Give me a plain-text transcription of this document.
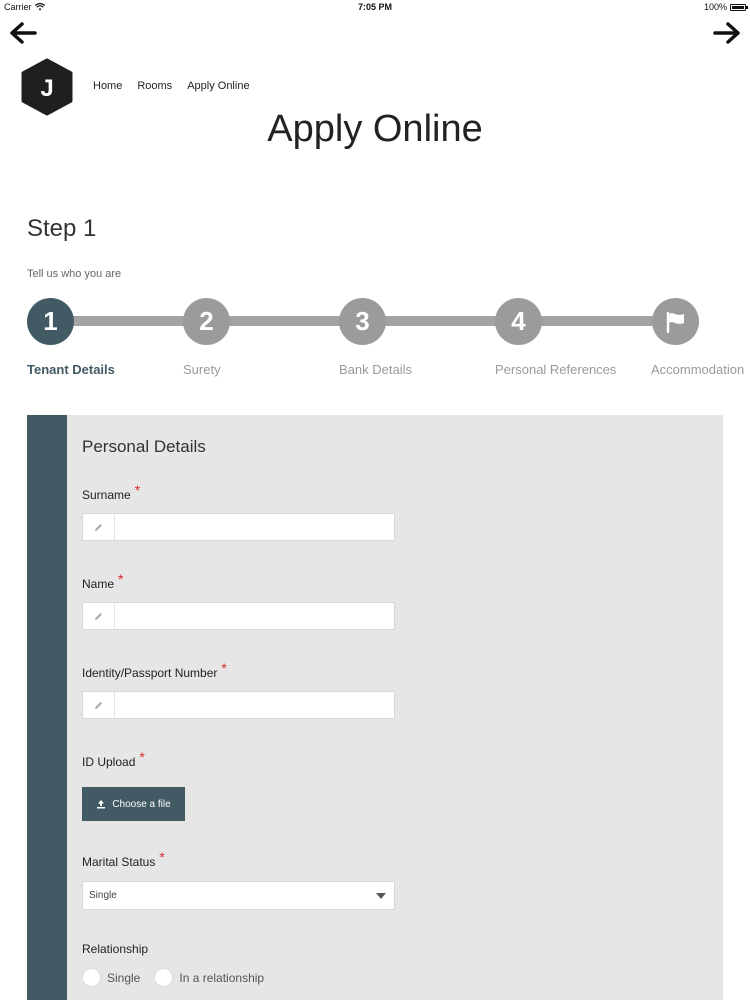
Carrier	7:05 PM	100%
J	Home Rooms Apply Online
Apply Online
Step 1
Tell us who you are
1	2	3	4
Tenant Details	Surety	Bank Details	Personal References	Accommodation
Personal Details
Surname *
Name *
Identity/Passport Number *
ID Upload *
Choose a file
Marital Status *
Single
Relationship
Single	In a relationship
